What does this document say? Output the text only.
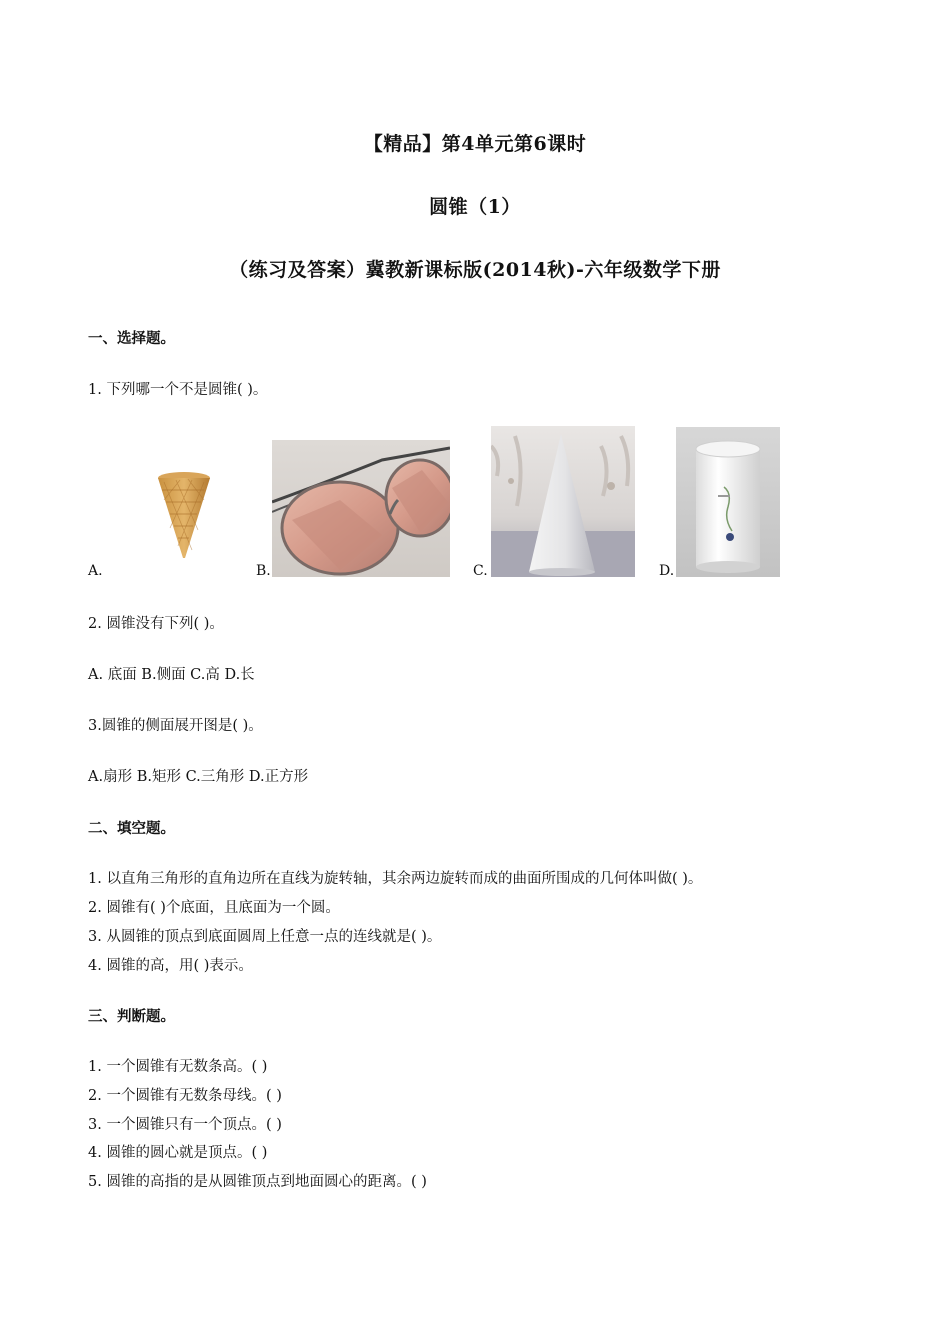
【精品】第4单元第6课时
圆锥（1）
（练习及答案）冀教新课标版(2014秋)-六年级数学下册
一、选择题。
1. 下列哪一个不是圆锥( )。
A.	B.	C.	D.
2. 圆锥没有下列( )。
A. 底面 B.侧面 C.高 D.长
3.圆锥的侧面展开图是( )。
A.扇形 B.矩形 C.三角形 D.正方形
二、填空题。
1. 以直角三角形的直角边所在直线为旋转轴，其余两边旋转而成的曲面所围成的几何体叫做( )。
2. 圆锥有( )个底面，且底面为一个圆。
3. 从圆锥的顶点到底面圆周上任意一点的连线就是( )。
4. 圆锥的高，用( )表示。
三、判断题。
1. 一个圆锥有无数条高。( )
2. 一个圆锥有无数条母线。( )
3. 一个圆锥只有一个顶点。( )
4. 圆锥的圆心就是顶点。( )
5. 圆锥的高指的是从圆锥顶点到地面圆心的距离。( )
